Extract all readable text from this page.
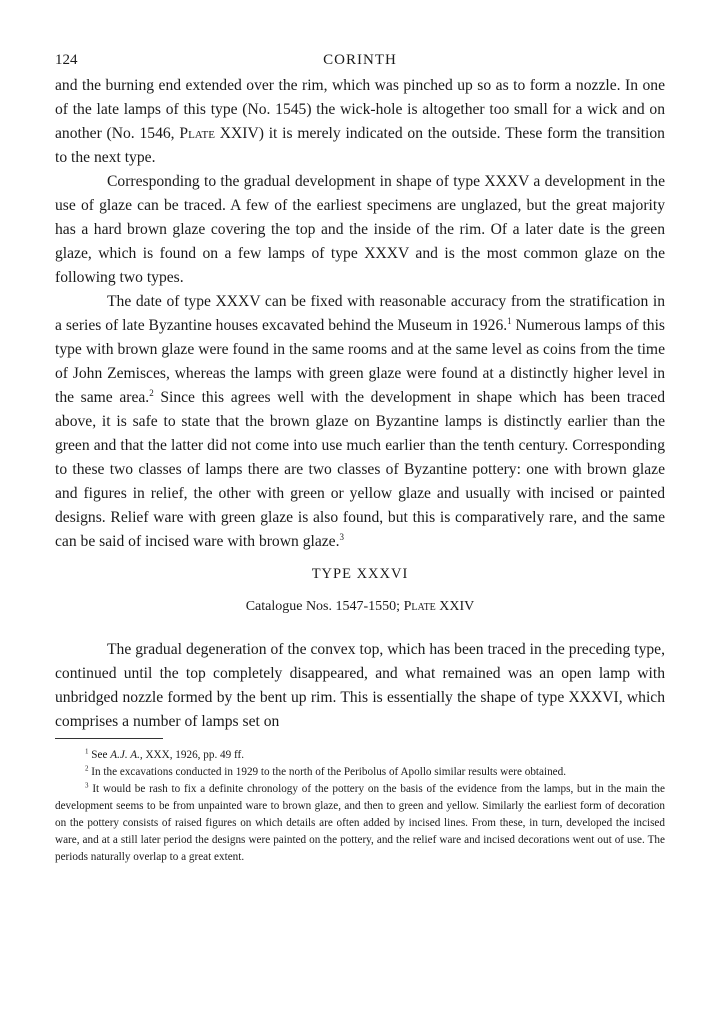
124	CORINTH

and the burning end extended over the rim, which was pinched up so as to form a nozzle. In one of the late lamps of this type (No. 1545) the wick-hole is altogether too small for a wick and on another (No. 1546, Plate XXIV) it is merely indicated on the outside. These form the transition to the next type.

Corresponding to the gradual development in shape of type XXXV a development in the use of glaze can be traced. A few of the earliest specimens are unglazed, but the great majority has a hard brown glaze covering the top and the inside of the rim. Of a later date is the green glaze, which is found on a few lamps of type XXXV and is the most common glaze on the following two types.

The date of type XXXV can be fixed with reasonable accuracy from the stratification in a series of late Byzantine houses excavated behind the Museum in 1926.$^1$ Numerous lamps of this type with brown glaze were found in the same rooms and at the same level as coins from the time of John Zemisces, whereas the lamps with green glaze were found at a distinctly higher level in the same area.$^2$ Since this agrees well with the development in shape which has been traced above, it is safe to state that the brown glaze on Byzantine lamps is distinctly earlier than the green and that the latter did not come into use much earlier than the tenth century. Corresponding to these two classes of lamps there are two classes of Byzantine pottery: one with brown glaze and figures in relief, the other with green or yellow glaze and usually with incised or painted designs. Relief ware with green glaze is also found, but this is comparatively rare, and the same can be said of incised ware with brown glaze.$^3$

TYPE XXXVI
Catalogue Nos. 1547-1550; Plate XXIV

The gradual degeneration of the convex top, which has been traced in the preceding type, continued until the top completely disappeared, and what remained was an open lamp with unbridged nozzle formed by the bent up rim. This is essentially the shape of type XXXVI, which comprises a number of lamps set on

$^1$ See A.J. A., XXX, 1926, pp. 49 ff.

$^2$ In the excavations conducted in 1929 to the north of the Peribolus of Apollo similar results were obtained.

$^3$ It would be rash to fix a definite chronology of the pottery on the basis of the evidence from the lamps, but in the main the development seems to be from unpainted ware to brown glaze, and then to green and yellow. Similarly the earliest form of decoration on the pottery consists of raised figures on which details are often added by incised lines. From these, in turn, developed the incised ware, and at a still later period the designs were painted on the pottery, and the relief ware and incised decorations went out of use. The periods naturally overlap to a great extent.
